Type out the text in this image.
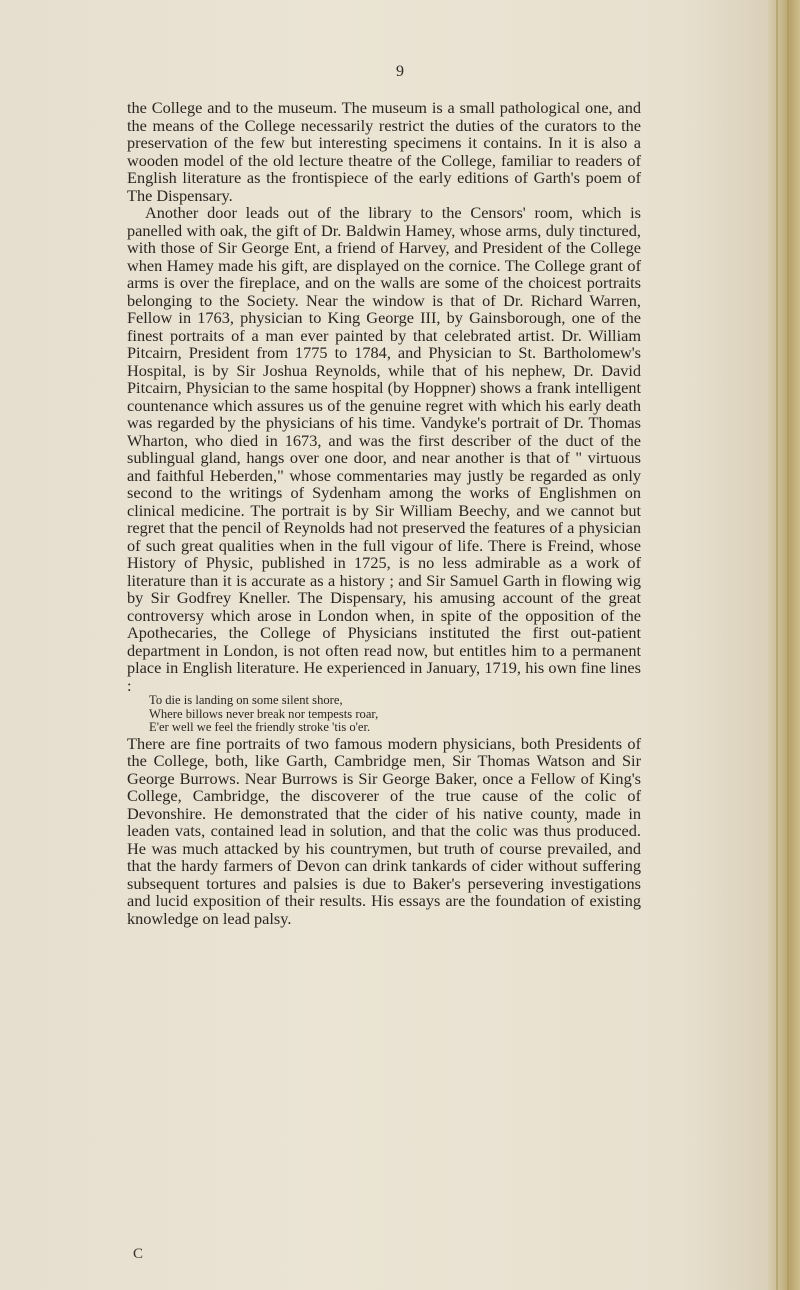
9

the College and to the museum. The museum is a small pathological one, and the means of the College necessarily restrict the duties of the curators to the preservation of the few but interesting specimens it contains. In it is also a wooden model of the old lecture theatre of the College, familiar to readers of English literature as the frontispiece of the early editions of Garth's poem of The Dispensary.

Another door leads out of the library to the Censors' room, which is panelled with oak, the gift of Dr. Baldwin Hamey, whose arms, duly tinctured, with those of Sir George Ent, a friend of Harvey, and President of the College when Hamey made his gift, are displayed on the cornice. The College grant of arms is over the fireplace, and on the walls are some of the choicest portraits belonging to the Society. Near the window is that of Dr. Richard Warren, Fellow in 1763, physician to King George III, by Gainsborough, one of the finest portraits of a man ever painted by that celebrated artist. Dr. William Pitcairn, President from 1775 to 1784, and Physician to St. Bartholomew's Hospital, is by Sir Joshua Reynolds, while that of his nephew, Dr. David Pitcairn, Physician to the same hospital (by Hoppner) shows a frank intelligent countenance which assures us of the genuine regret with which his early death was regarded by the physicians of his time. Vandyke's portrait of Dr. Thomas Wharton, who died in 1673, and was the first describer of the duct of the sublingual gland, hangs over one door, and near another is that of " virtuous and faithful Heberden," whose commentaries may justly be regarded as only second to the writings of Sydenham among the works of Englishmen on clinical medicine. The portrait is by Sir William Beechy, and we cannot but regret that the pencil of Reynolds had not preserved the features of a physician of such great qualities when in the full vigour of life. There is Freind, whose History of Physic, published in 1725, is no less admirable as a work of literature than it is accurate as a history ; and Sir Samuel Garth in flowing wig by Sir Godfrey Kneller. The Dispensary, his amusing account of the great controversy which arose in London when, in spite of the opposition of the Apothecaries, the College of Physicians instituted the first out-patient department in London, is not often read now, but entitles him to a permanent place in English literature. He experienced in January, 1719, his own fine lines :

To die is landing on some silent shore,
Where billows never break nor tempests roar,
E'er well we feel the friendly stroke 'tis o'er.

There are fine portraits of two famous modern physicians, both Presidents of the College, both, like Garth, Cambridge men, Sir Thomas Watson and Sir George Burrows. Near Burrows is Sir George Baker, once a Fellow of King's College, Cambridge, the discoverer of the true cause of the colic of Devonshire. He demonstrated that the cider of his native county, made in leaden vats, contained lead in solution, and that the colic was thus produced. He was much attacked by his countrymen, but truth of course prevailed, and that the hardy farmers of Devon can drink tankards of cider without suffering subsequent tortures and palsies is due to Baker's persevering investigations and lucid exposition of their results. His essays are the foundation of existing knowledge on lead palsy.

C
